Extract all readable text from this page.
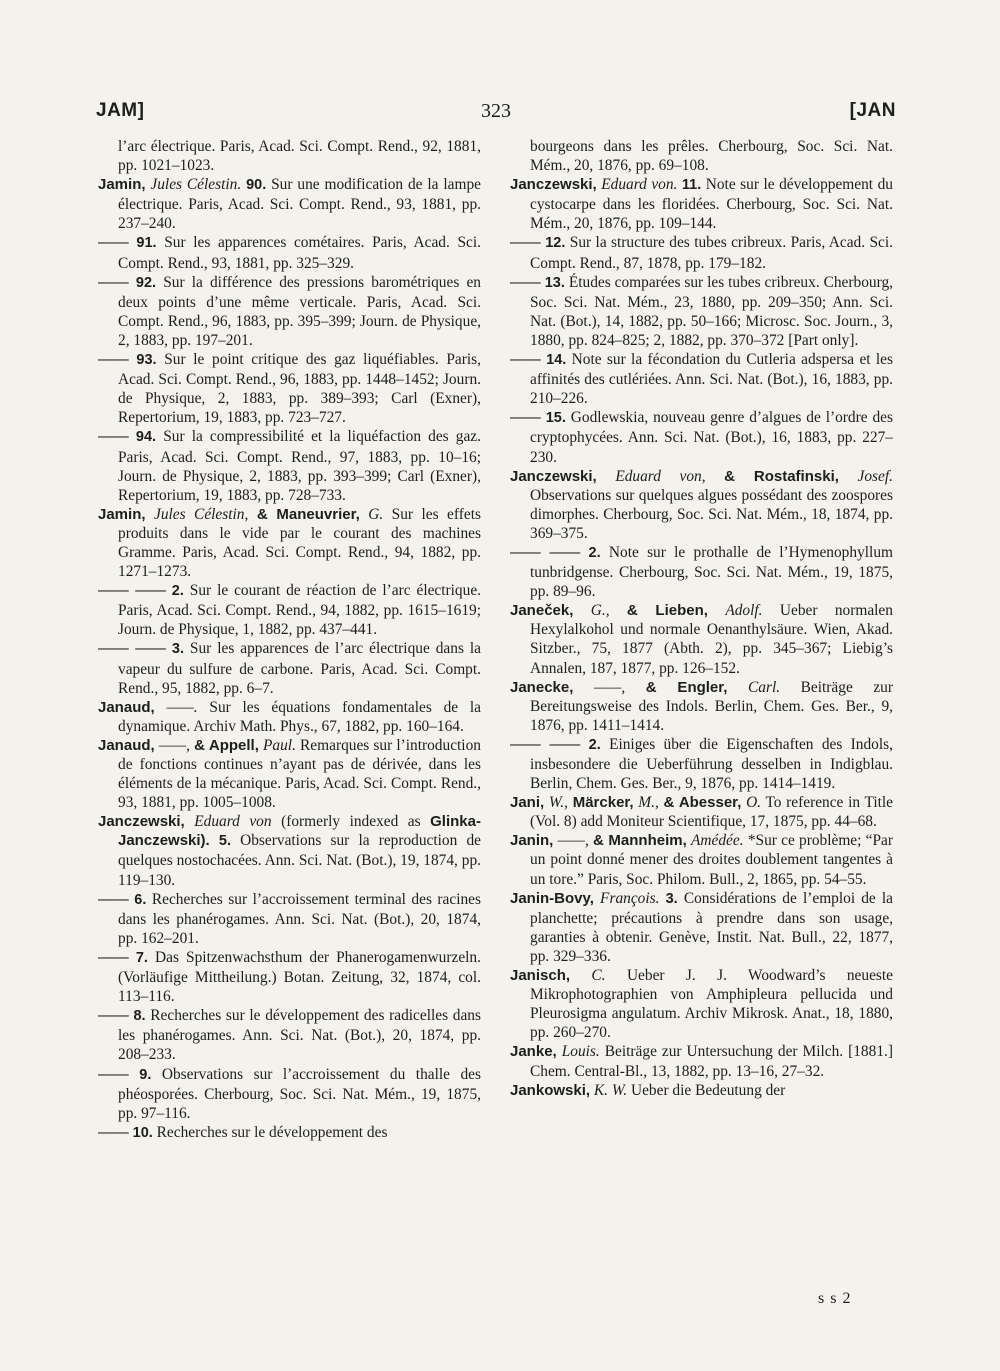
JAM]	323	[JAN

l’arc électrique. Paris, Acad. Sci. Compt. Rend., 92, 1881, pp. 1021–1023.

Jamin, Jules Célestin. 90. Sur une modification de la lampe électrique. Paris, Acad. Sci. Compt. Rend., 93, 1881, pp. 237–240.

—— 91. Sur les apparences cométaires. Paris, Acad. Sci. Compt. Rend., 93, 1881, pp. 325–329.

—— 92. Sur la différence des pressions barométriques en deux points d’une même verticale. Paris, Acad. Sci. Compt. Rend., 96, 1883, pp. 395–399; Journ. de Physique, 2, 1883, pp. 197–201.

—— 93. Sur le point critique des gaz liquéfiables. Paris, Acad. Sci. Compt. Rend., 96, 1883, pp. 1448–1452; Journ. de Physique, 2, 1883, pp. 389–393; Carl (Exner), Repertorium, 19, 1883, pp. 723–727.

—— 94. Sur la compressibilité et la liquéfaction des gaz. Paris, Acad. Sci. Compt. Rend., 97, 1883, pp. 10–16; Journ. de Physique, 2, 1883, pp. 393–399; Carl (Exner), Repertorium, 19, 1883, pp. 728–733.

Jamin, Jules Célestin, & Maneuvrier, G. Sur les effets produits dans le vide par le courant des machines Gramme. Paris, Acad. Sci. Compt. Rend., 94, 1882, pp. 1271–1273.

—— —— 2. Sur le courant de réaction de l’arc électrique. Paris, Acad. Sci. Compt. Rend., 94, 1882, pp. 1615–1619; Journ. de Physique, 1, 1882, pp. 437–441.

—— —— 3. Sur les apparences de l’arc électrique dans la vapeur du sulfure de carbone. Paris, Acad. Sci. Compt. Rend., 95, 1882, pp. 6–7.

Janaud, ——. Sur les équations fondamentales de la dynamique. Archiv Math. Phys., 67, 1882, pp. 160–164.

Janaud, ——, & Appell, Paul. Remarques sur l’introduction de fonctions continues n’ayant pas de dérivée, dans les éléments de la mécanique. Paris, Acad. Sci. Compt. Rend., 93, 1881, pp. 1005–1008.

Janczewski, Eduard von (formerly indexed as Glinka-Janczewski). 5. Observations sur la reproduction de quelques nostochacées. Ann. Sci. Nat. (Bot.), 19, 1874, pp. 119–130.

—— 6. Recherches sur l’accroissement terminal des racines dans les phanérogames. Ann. Sci. Nat. (Bot.), 20, 1874, pp. 162–201.

—— 7. Das Spitzenwachsthum der Phanerogamenwurzeln. (Vorläufige Mittheilung.) Botan. Zeitung, 32, 1874, col. 113–116.

—— 8. Recherches sur le développement des radicelles dans les phanérogames. Ann. Sci. Nat. (Bot.), 20, 1874, pp. 208–233.

—— 9. Observations sur l’accroissement du thalle des phéosporées. Cherbourg, Soc. Sci. Nat. Mém., 19, 1875, pp. 97–116.

—— 10. Recherches sur le développement des

bourgeons dans les prêles. Cherbourg, Soc. Sci. Nat. Mém., 20, 1876, pp. 69–108.

Janczewski, Eduard von. 11. Note sur le développement du cystocarpe dans les floridées. Cherbourg, Soc. Sci. Nat. Mém., 20, 1876, pp. 109–144.

—— 12. Sur la structure des tubes cribreux. Paris, Acad. Sci. Compt. Rend., 87, 1878, pp. 179–182.

—— 13. Études comparées sur les tubes cribreux. Cherbourg, Soc. Sci. Nat. Mém., 23, 1880, pp. 209–350; Ann. Sci. Nat. (Bot.), 14, 1882, pp. 50–166; Microsc. Soc. Journ., 3, 1880, pp. 824–825; 2, 1882, pp. 370–372 [Part only].

—— 14. Note sur la fécondation du Cutleria adspersa et les affinités des cutlériées. Ann. Sci. Nat. (Bot.), 16, 1883, pp. 210–226.

—— 15. Godlewskia, nouveau genre d’algues de l’ordre des cryptophycées. Ann. Sci. Nat. (Bot.), 16, 1883, pp. 227–230.

Janczewski, Eduard von, & Rostafinski, Josef. Observations sur quelques algues possédant des zoospores dimorphes. Cherbourg, Soc. Sci. Nat. Mém., 18, 1874, pp. 369–375.

—— —— 2. Note sur le prothalle de l’Hymenophyllum tunbridgense. Cherbourg, Soc. Sci. Nat. Mém., 19, 1875, pp. 89–96.

Janeček, G., & Lieben, Adolf. Ueber normalen Hexylalkohol und normale Oenanthylsäure. Wien, Akad. Sitzber., 75, 1877 (Abth. 2), pp. 345–367; Liebig’s Annalen, 187, 1877, pp. 126–152.

Janecke, ——, & Engler, Carl. Beiträge zur Bereitungsweise des Indols. Berlin, Chem. Ges. Ber., 9, 1876, pp. 1411–1414.

—— —— 2. Einiges über die Eigenschaften des Indols, insbesondere die Ueberführung desselben in Indigblau. Berlin, Chem. Ges. Ber., 9, 1876, pp. 1414–1419.

Jani, W., Märcker, M., & Abesser, O. To reference in Title (Vol. 8) add Moniteur Scientifique, 17, 1875, pp. 44–68.

Janin, ——, & Mannheim, Amédée. *Sur ce problème; “Par un point donné mener des droites doublement tangentes à un tore.” Paris, Soc. Philom. Bull., 2, 1865, pp. 54–55.

Janin-Bovy, François. 3. Considérations de l’emploi de la planchette; précautions à prendre dans son usage, garanties à obtenir. Genève, Instit. Nat. Bull., 22, 1877, pp. 329–336.

Janisch, C. Ueber J. J. Woodward’s neueste Mikrophotographien von Amphipleura pellucida und Pleurosigma angulatum. Archiv Mikrosk. Anat., 18, 1880, pp. 260–270.

Janke, Louis. Beiträge zur Untersuchung der Milch. [1881.] Chem. Central-Bl., 13, 1882, pp. 13–16, 27–32.

Jankowski, K. W. Ueber die Bedeutung der

s s 2
